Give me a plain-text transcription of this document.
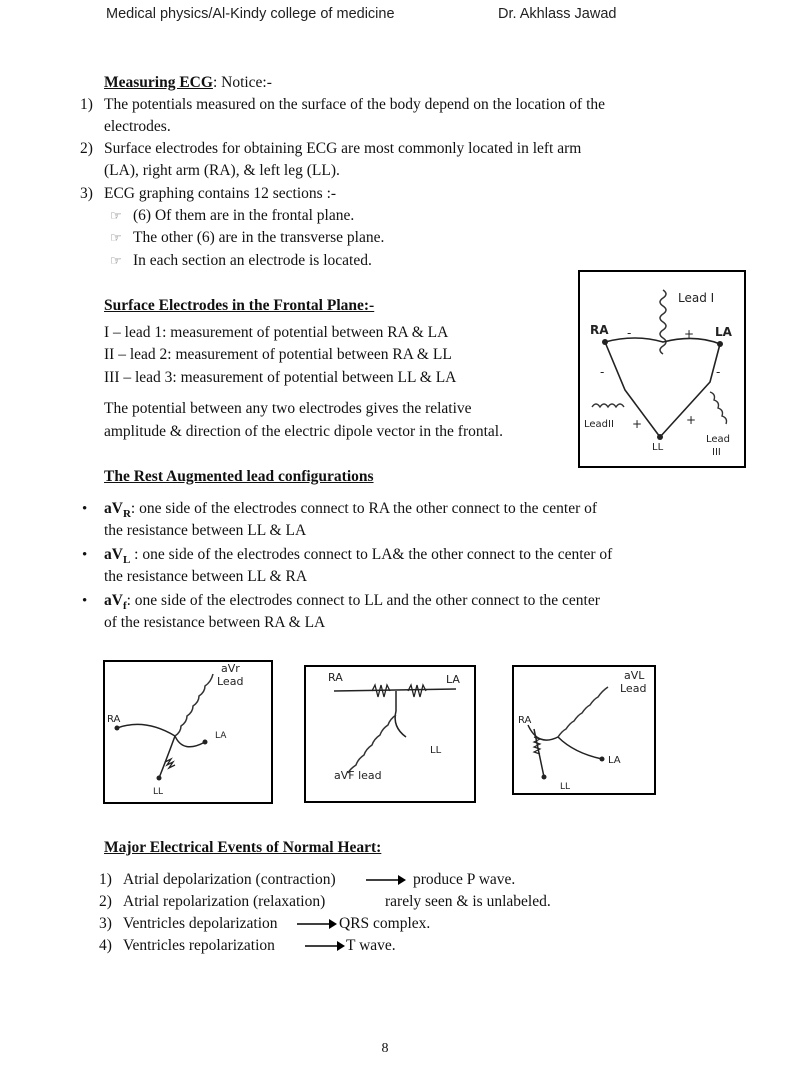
Medical physics/Al-Kindy college of medicine	Dr. Akhlass Jawad
Measuring ECG: Notice:-
1) The potentials measured on the surface of the body depend on the location of the
electrodes.
2) Surface electrodes for obtaining ECG are most commonly located in left arm
(LA), right arm (RA), & left leg (LL).
3) ECG graphing contains 12 sections :-
☞ (6) Of them are in the frontal plane.
☞ The other (6) are in the transverse plane.
☞ In each section an electrode is located.
Surface Electrodes in the Frontal Plane:-
I – lead 1: measurement of potential between RA & LA
II – lead 2: measurement of potential between RA & LL
III – lead 3: measurement of potential between LL & LA
The potential between any two electrodes gives the relative
amplitude & direction of the electric dipole vector in the frontal.
Lead I
RA	LA
-	+
-	-
+	+
LL
Lead II
Lead
III
The Rest Augmented lead configurations
• $aV_R$: one side of the electrodes connect to RA the other connect to the center of
the resistance between LL & LA
• $aV_L$ : one side of the electrodes connect to LA& the other connect to the center of
the resistance between LL & RA
• $aV_f$: one side of the electrodes connect to LL and the other connect to the center
of the resistance between RA & LA
aVr
Lead
RA
LA
LL
RA	LA
LL
aVF lead
aVL
Lead
RA
LA
LL
Major Electrical Events of Normal Heart:
1) Atrial depolarization (contraction)	produce P wave.
2) Atrial repolarization (relaxation)	rarely seen & is unlabeled.
3) Ventricles depolarization	QRS complex.
4) Ventricles repolarization	T wave.
8
